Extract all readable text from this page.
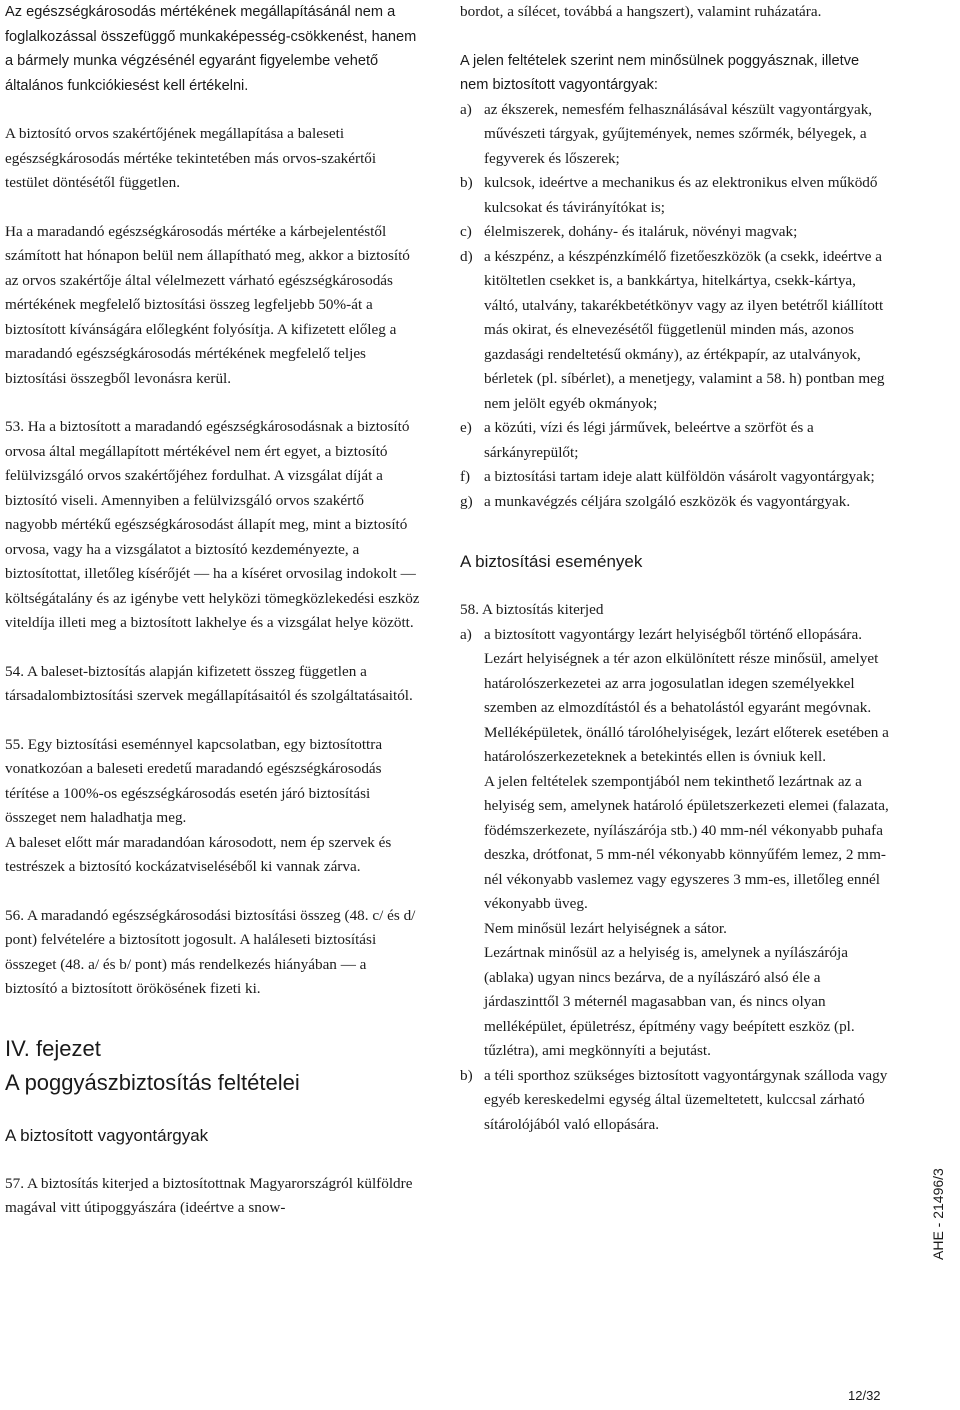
Az egészségkárosodás mértékének megállapításánál nem a foglalkozással összefüggő munkaképesség-csökkenést, hanem a bármely munka végzésénél egyaránt figyelembe vehető általános funkciókiesést kell értékelni.

A biztosító orvos szakértőjének megállapítása a baleseti egészségkárosodás mértéke tekintetében más orvos-szakértői testület döntésétől független.

Ha a maradandó egészségkárosodás mértéke a kárbejelentéstől számított hat hónapon belül nem állapítható meg, akkor a biztosító az orvos szakértője által vélelmezett várható egészségkárosodás mértékének megfelelő biztosítási összeg legfeljebb 50%-át a biztosított kívánságára előlegként folyósítja. A kifizetett előleg a maradandó egészségkárosodás mértékének megfelelő teljes biztosítási összegből levonásra kerül.

53. Ha a biztosított a maradandó egészségkárosodásnak a biztosító orvosa által megállapított mértékével nem ért egyet, a biztosító felülvizsgáló orvos szakértőjéhez fordulhat. A vizsgálat díját a biztosító viseli. Amennyiben a felülvizsgáló orvos szakértő nagyobb mértékű egészségkárosodást állapít meg, mint a biztosító orvosa, vagy ha a vizsgálatot a biztosító kezdeményezte, a biztosítottat, illetőleg kísérőjét — ha a kíséret orvosilag indokolt — költségátalány és az igénybe vett helyközi tömegközlekedési eszköz viteldíja illeti meg a biztosított lakhelye és a vizsgálat helye között.

54. A baleset-biztosítás alapján kifizetett összeg független a társadalombiztosítási szervek megállapításaitól és szolgáltatásaitól.

55. Egy biztosítási eseménnyel kapcsolatban, egy biztosítottra vonatkozóan a baleseti eredetű maradandó egészségkárosodás térítése a 100%-os egészségkárosodás esetén járó biztosítási összeget nem haladhatja meg.

A baleset előtt már maradandóan károsodott, nem ép szervek és testrészek a biztosító kockázatviseléséből ki vannak zárva.

56. A maradandó egészségkárosodási biztosítási összeg (48. c/ és d/ pont) felvételére a biztosított jogosult. A haláleseti biztosítási összeget (48. a/ és b/ pont) más rendelkezés hiányában — a biztosító a biztosított örökösének fizeti ki.

IV. fejezet
A poggyászbiztosítás feltételei
A biztosított vagyontárgyak

57. A biztosítás kiterjed a biztosítottnak Magyarországról külföldre magával vitt útipoggyászára (ideértve a snow-

bordot, a sílécet, továbbá a hangszert), valamint ruházatára.

A jelen feltételek szerint nem minősülnek poggyásznak, illetve nem biztosított vagyontárgyak:

a) az ékszerek, nemesfém felhasználásával készült vagyontárgyak, művészeti tárgyak, gyűjtemények, nemes szőrmék, bélyegek, a fegyverek és lőszerek;
b) kulcsok, ideértve a mechanikus és az elektronikus elven működő kulcsokat és távirányítókat is;
c) élelmiszerek, dohány- és italáruk, növényi magvak;
d) a készpénz, a készpénzkímélő fizetőeszközök (a csekk, ideértve a kitöltetlen csekket is, a bankkártya, hitelkártya, csekk-kártya, váltó, utalvány, takarékbetétkönyv vagy az ilyen betétről kiállított más okirat, és elnevezésétől függetlenül minden más, azonos gazdasági rendeltetésű okmány), az értékpapír, az utalványok, bérletek (pl. síbérlet), a menetjegy, valamint a 58. h) pontban meg nem jelölt egyéb okmányok;
e) a közúti, vízi és légi járművek, beleértve a szörföt és a sárkányrepülőt;
f) a biztosítási tartam ideje alatt külföldön vásárolt vagyontárgyak;
g) a munkavégzés céljára szolgáló eszközök és vagyontárgyak.
A biztosítási események

58. A biztosítás kiterjed

a) a biztosított vagyontárgy lezárt helyiségből történő ellopására.

Lezárt helyiségnek a tér azon elkülönített része minősül, amelyet határolószerkezetei az arra jogosulatlan idegen személyekkel szemben az elmozdítástól és a behatolástól egyaránt megóvnak.

Melléképületek, önálló tárolóhelyiségek, lezárt előterek esetében a határolószerkezeteknek a betekintés ellen is óvniuk kell.

A jelen feltételek szempontjából nem tekinthető lezártnak az a helyiség sem, amelynek határoló épületszerkezeti elemei (falazata, födémszerkezete, nyílászárója stb.) 40 mm-nél vékonyabb puhafa deszka, drótfonat, 5 mm-nél vékonyabb könnyűfém lemez, 2 mm-nél vékonyabb vaslemez vagy egyszeres 3 mm-es, illetőleg ennél vékonyabb üveg.

Nem minősül lezárt helyiségnek a sátor.

Lezártnak minősül az a helyiség is, amelynek a nyílászárója (ablaka) ugyan nincs bezárva, de a nyílászáró alsó éle a járdaszinttől 3 méternél magasabban van, és nincs olyan melléképület, épületrész, építmény vagy beépített eszköz (pl. tűzlétra), ami megkönnyíti a bejutást.

b) a téli sporthoz szükséges biztosított vagyontárgynak szálloda vagy egyéb kereskedelmi egység által üzemeltetett, kulccsal zárható sítárolójából való ellopására.

AHE - 21496/3
12/32
